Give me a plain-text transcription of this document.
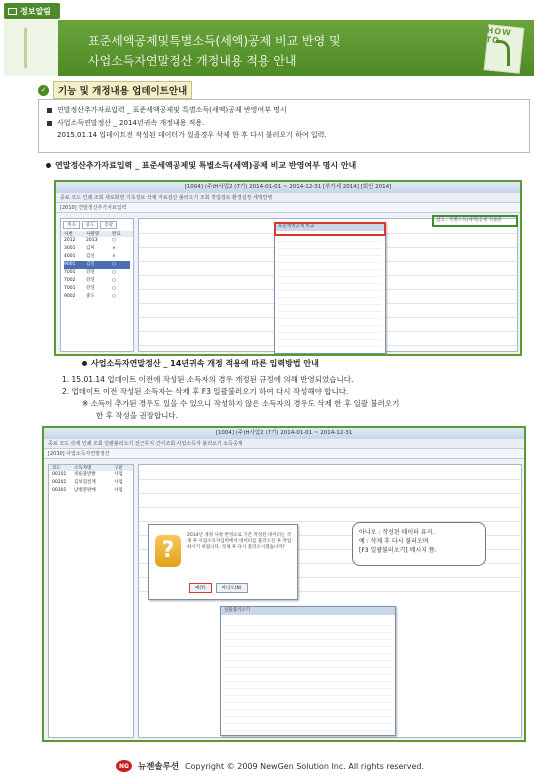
정보알림
표준세액공제및특별소득(세액)공제 비교 반영 및
사업소득자연말정산 개정내용 적용 안내
HOW TO
✓	기능 및 개정내용 업데이트안내
연말정산추가자료입력 _ 표준세액공제및 특별소득(세액)공제 반영여부 명시
사업소득연말정산 _ 2014년귀속 개정내용 적용.
2015.01.14 업데이트전 작성된 데이터가 있을경우 삭제 한 후 다시 불러오기 하여 입력.
연말정산추가자료입력 _ 표준세액공제및 특별소득(세액)공제 비교 반영여부 명시 안내
[1004] (주)H사업2 (7기) 2014-01-01 ~ 2014-12-31 [부가세 2014] [회인 2014]
종료 코드 인쇄 조회 새로화면 기초정보 삭제 자료검산 불러오기 조회 작업검토 환경설정 세액반영
[2010] 연말정산추가자료입력
계속	중도	총괄
사번	사원명	완료
2012	2013	○
3001	김미	×
4001	김선	×
9001	김길	○
7001	강연	○
7002	강연	○
7001	강연	○
9002	중도	○
표준세액공제 비교
참고 : 특별소득(세액)공제 적용분
사업소득자연말정산 _ 14년귀속 개정 적용에 따른 입력방법 안내
1. 15.01.14 업데이트 이전에 작성된 소득자의 경우 개정된 규정에 의해 반영되었습니다.
2. 업데이트 이전 작성된 소득자는 삭제 후 F3 일괄불러오기 하여 다시 작성해야 합니다.
※ 소득이 추가된 경우도 있을 수 있으니 작성하지 않은 소득자의 경우도 삭제 한 후 일괄 불러오기
한 후 작성을 권장합니다.
[1004] (주)H사업2 (7기) 2014-01-01 ~ 2014-12-31
종료 코드 삭제 인쇄 조회 일괄불러오기 전근무지 간이조회 사업소득자 불러오기 소득공제
[2030] 사업소득자연말정산
코드	소득자명	구분
00101	정륜불반발	사업
00201	김보험설계	사업
00301	남방문판매	사업
?
2014년 개정 사항 반영으로 기존 작성된 데이터는 삭제 후 사업소득자입력에서 데이터를 불러오신 후 작업하시기 바랍니다. 삭제 후 다시 불러오시겠습니까?
예(Y)	아니오(N)
일괄불러오기
아니오 : 작성된 데이터 유지.
예 : 삭제 후 다시 불러오며
[F3 일괄불러오기] 메시지 뜸.
NG	뉴젠솔루션 Copyright © 2009 NewGen Solution Inc. All rights reserved.
